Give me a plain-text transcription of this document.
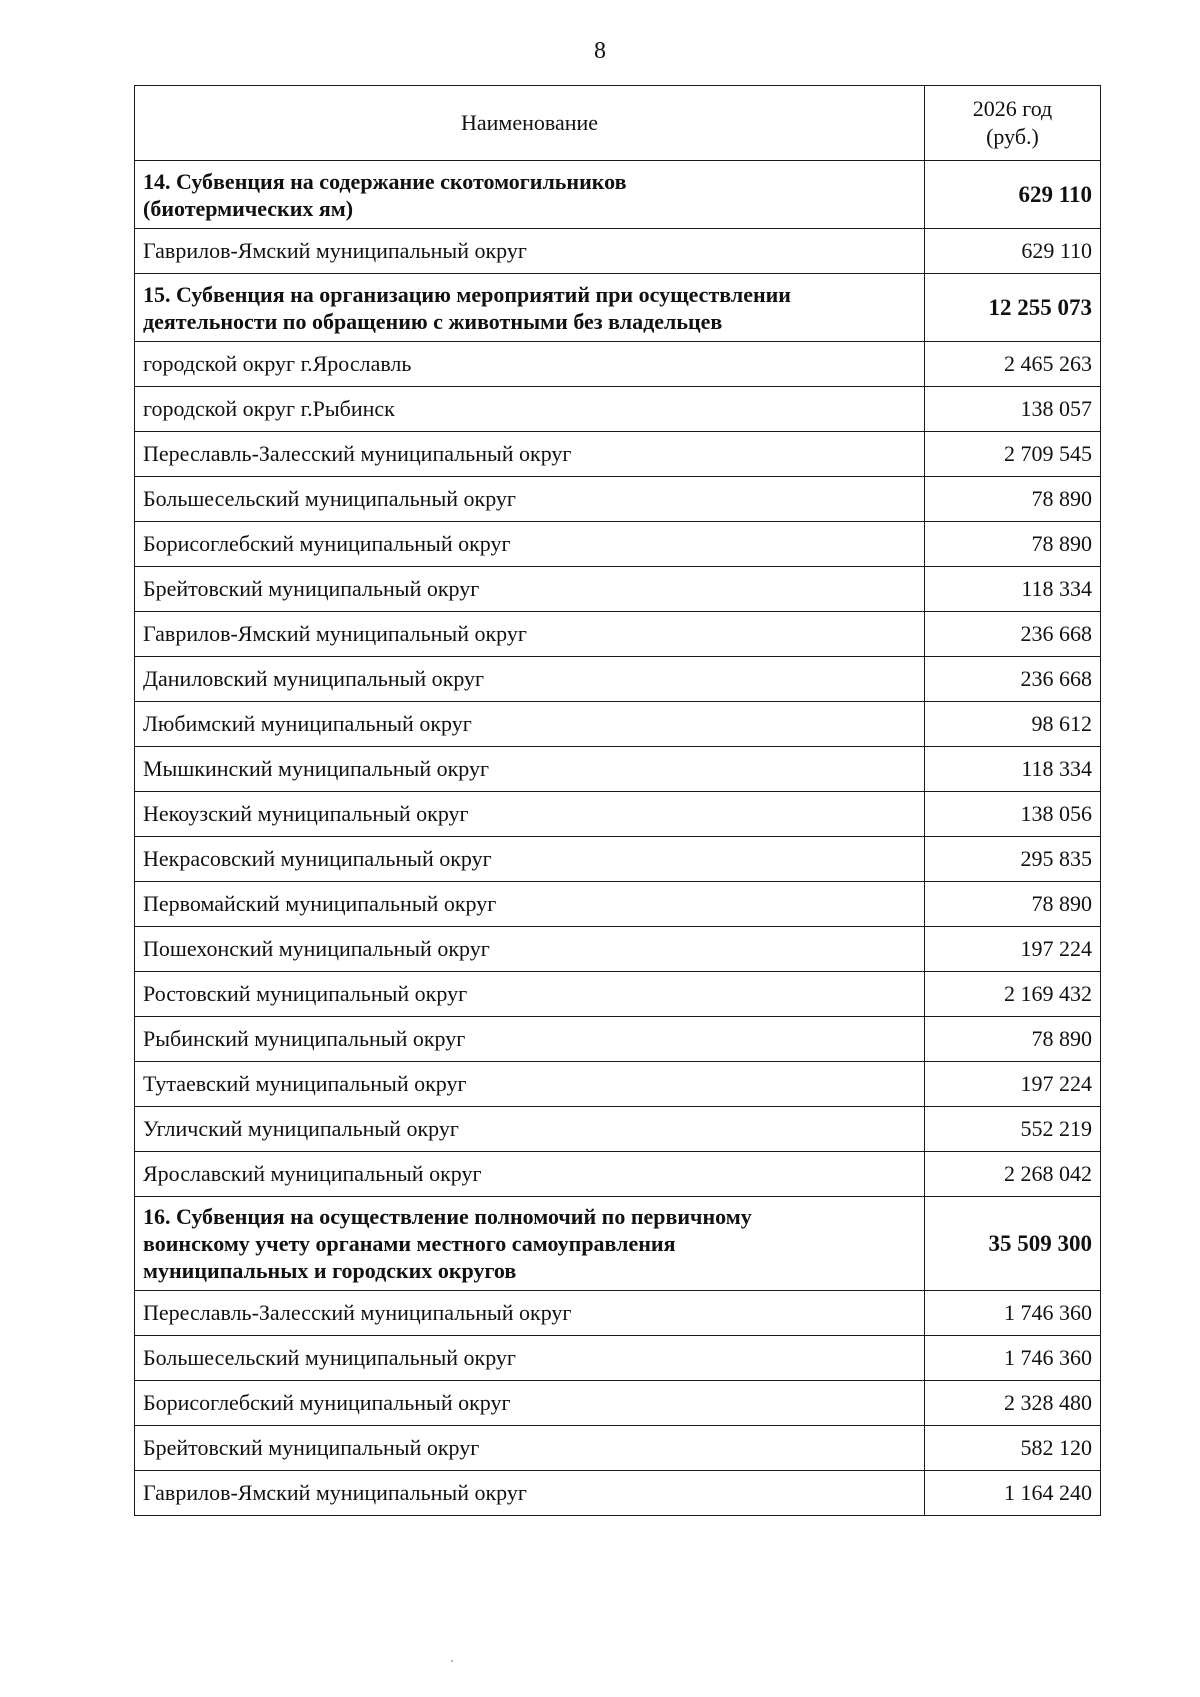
8
Наименование	2026 год
(руб.)
14. Субвенция на содержание скотомогильников
(биотермических ям)	629 110
Гаврилов-Ямский муниципальный округ	629 110
15. Субвенция на организацию мероприятий при осуществлении
деятельности по обращению с животными без владельцев	12 255 073
городской округ г.Ярославль	2 465 263
городской округ г.Рыбинск	138 057
Переславль-Залесский муниципальный округ	2 709 545
Большесельский муниципальный округ	78 890
Борисоглебский муниципальный округ	78 890
Брейтовский муниципальный округ	118 334
Гаврилов-Ямский муниципальный округ	236 668
Даниловский муниципальный округ	236 668
Любимский муниципальный округ	98 612
Мышкинский муниципальный округ	118 334
Некоузский муниципальный округ	138 056
Некрасовский муниципальный округ	295 835
Первомайский муниципальный округ	78 890
Пошехонский муниципальный округ	197 224
Ростовский муниципальный округ	2 169 432
Рыбинский муниципальный округ	78 890
Тутаевский муниципальный округ	197 224
Угличский муниципальный округ	552 219
Ярославский муниципальный округ	2 268 042
16. Субвенция на осуществление полномочий по первичному
воинскому учету органами местного самоуправления
муниципальных и городских округов	35 509 300
Переславль-Залесский муниципальный округ	1 746 360
Большесельский муниципальный округ	1 746 360
Борисоглебский муниципальный округ	2 328 480
Брейтовский муниципальный округ	582 120
Гаврилов-Ямский муниципальный округ	1 164 240
